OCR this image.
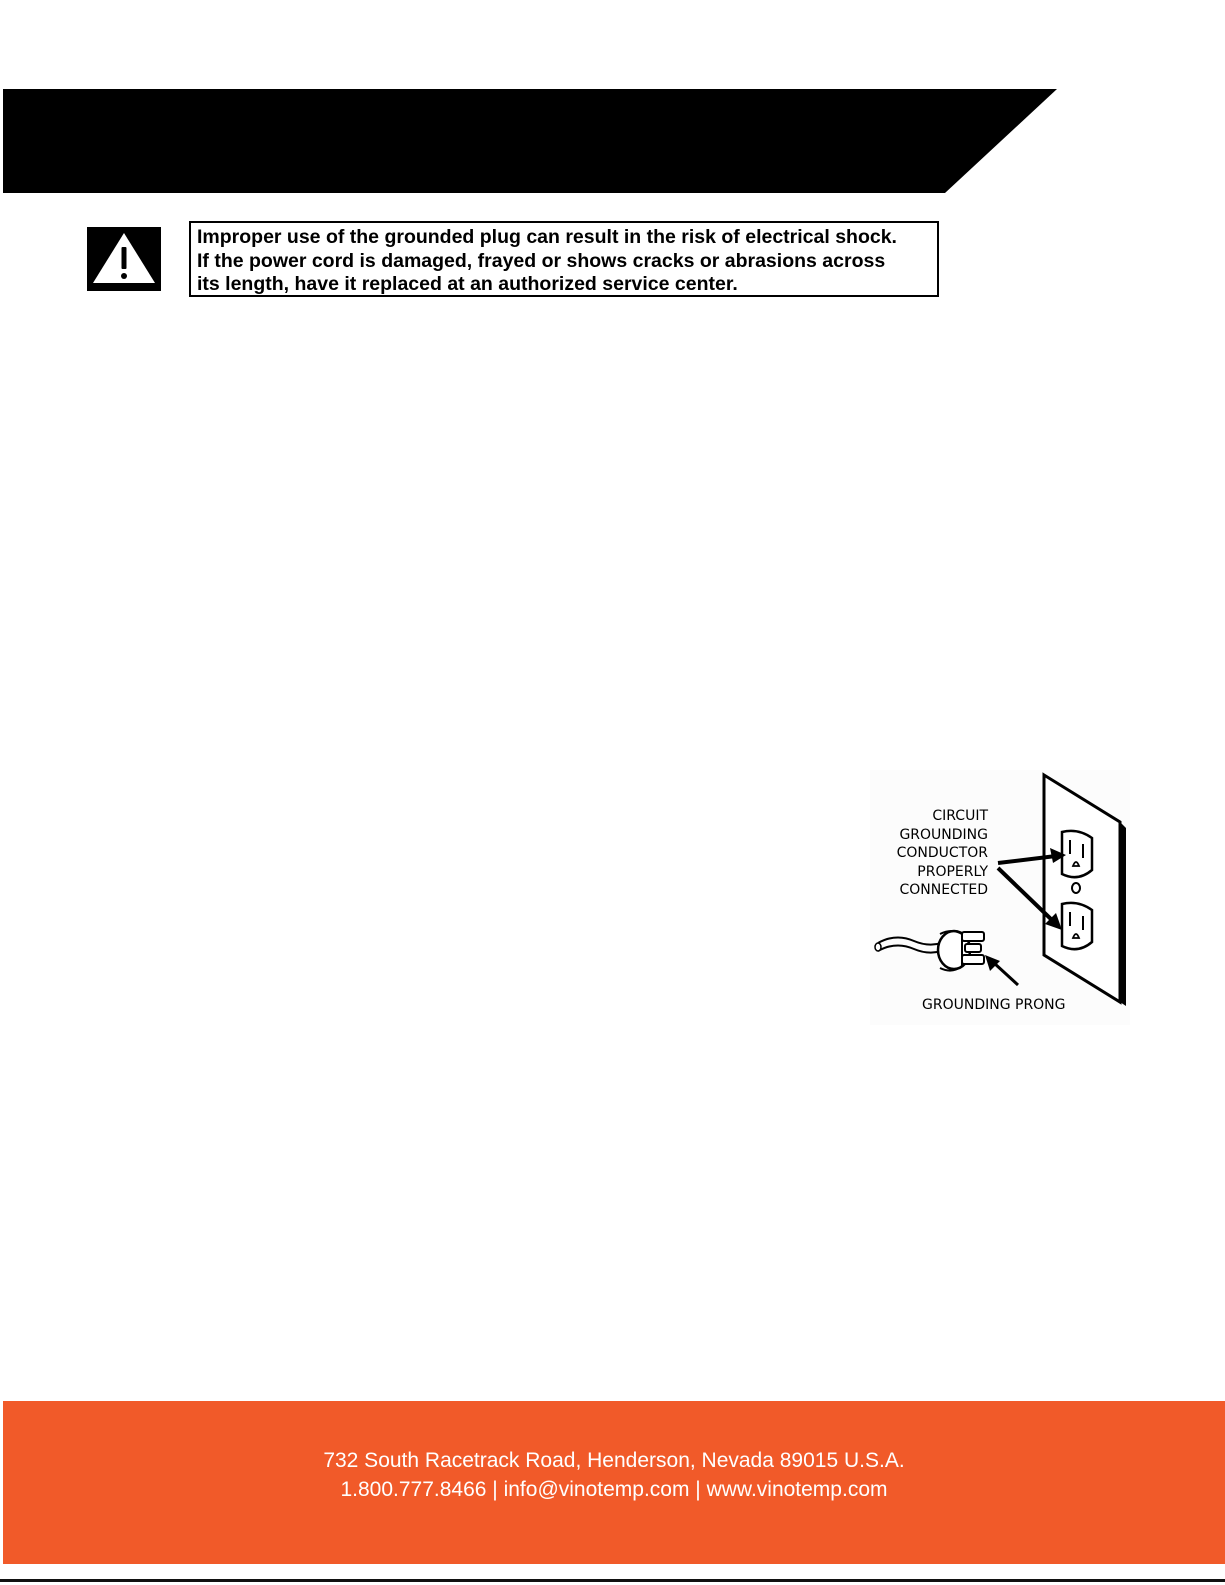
Improper use of the grounded plug can result in the risk of electrical shock.
If the power cord is damaged, frayed or shows cracks or abrasions across
its length, have it replaced at an authorized service center.
CIRCUIT
GROUNDING
CONDUCTOR
PROPERLY
CONNECTED
GROUNDING PRONG
732 South Racetrack Road, Henderson, Nevada 89015 U.S.A.
1.800.777.8466 | info@vinotemp.com | www.vinotemp.com
